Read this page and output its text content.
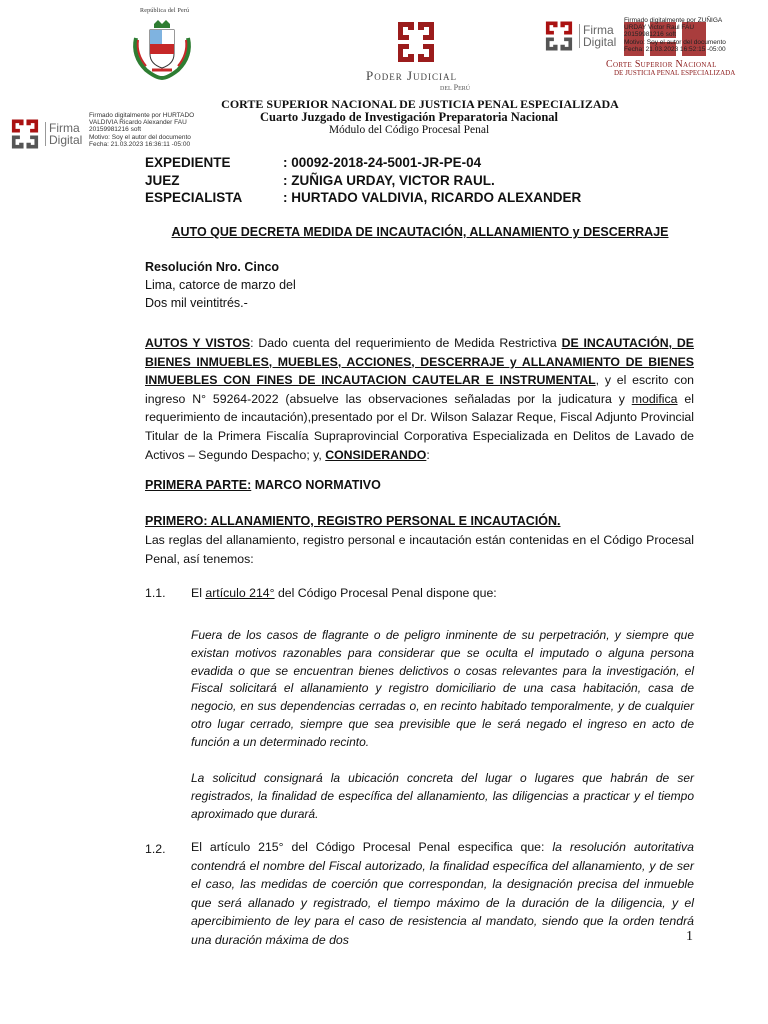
República del Perú
Poder Judicial
del Perú
Firma
Digital
Firmado digitalmente por ZUÑIGA
URDAY Victor Raul FAU
20159981216 soft
Motivo: Soy el autor del documento
Fecha: 21.03.2023 16:52:15 -05:00
Corte Superior Nacional
DE JUSTICIA PENAL ESPECIALIZADA
Firma
Digital
Firmado digitalmente por HURTADO
VALDIVIA Ricardo Alexander FAU
20159981216 soft
Motivo: Soy el autor del documento
Fecha: 21.03.2023 16:36:11 -05:00
CORTE SUPERIOR NACIONAL DE JUSTICIA PENAL ESPECIALIZADA
Cuarto Juzgado de Investigación Preparatoria Nacional
Módulo del Código Procesal Penal
EXPEDIENTE	: 00092-2018-24-5001-JR-PE-04
JUEZ	: ZUÑIGA URDAY, VICTOR RAUL.
ESPECIALISTA	: HURTADO VALDIVIA, RICARDO ALEXANDER
AUTO QUE DECRETA MEDIDA DE INCAUTACIÓN, ALLANAMIENTO y DESCERRAJE
Resolución Nro. Cinco
Lima, catorce de marzo del
Dos mil veintitrés.-
AUTOS Y VISTOS: Dado cuenta del requerimiento de Medida Restrictiva DE INCAUTACIÓN, DE BIENES INMUEBLES, MUEBLES, ACCIONES, DESCERRAJE y ALLANAMIENTO DE BIENES INMUEBLES CON FINES DE INCAUTACION CAUTELAR E INSTRUMENTAL, y el escrito con ingreso N° 59264-2022 (absuelve las observaciones señaladas por la judicatura y modifica el requerimiento de incautación),presentado por el Dr. Wilson Salazar Reque, Fiscal Adjunto Provincial Titular de la Primera Fiscalía Supraprovincial Corporativa Especializada en Delitos de Lavado de Activos – Segundo Despacho; y, CONSIDERANDO:
PRIMERA PARTE: MARCO NORMATIVO
PRIMERO: ALLANAMIENTO, REGISTRO PERSONAL E INCAUTACIÓN.
Las reglas del allanamiento, registro personal e incautación están contenidas en el Código Procesal Penal, así tenemos:
1.1. El artículo 214° del Código Procesal Penal dispone que:
Fuera de los casos de flagrante o de peligro inminente de su perpetración, y siempre que existan motivos razonables para considerar que se oculta el imputado o alguna persona evadida o que se encuentran bienes delictivos o cosas relevantes para la investigación, el Fiscal solicitará el allanamiento y registro domiciliario de una casa habitación, casa de negocio, en sus dependencias cerradas o, en recinto habitado temporalmente, y de cualquier otro lugar cerrado, siempre que sea previsible que le será negado el ingreso en acto de función a un determinado recinto.
La solicitud consignará la ubicación concreta del lugar o lugares que habrán de ser registrados, la finalidad de específica del allanamiento, las diligencias a practicar y el tiempo aproximado que durará.
1.2. El artículo 215° del Código Procesal Penal especifica que: la resolución autoritativa contendrá el nombre del Fiscal autorizado, la finalidad específica del allanamiento, y de ser el caso, las medidas de coerción que correspondan, la designación precisa del inmueble que será allanado y registrado, el tiempo máximo de la duración de la diligencia, y el apercibimiento de ley para el caso de resistencia al mandato, siendo que la orden tendrá una duración máxima de dos	1
